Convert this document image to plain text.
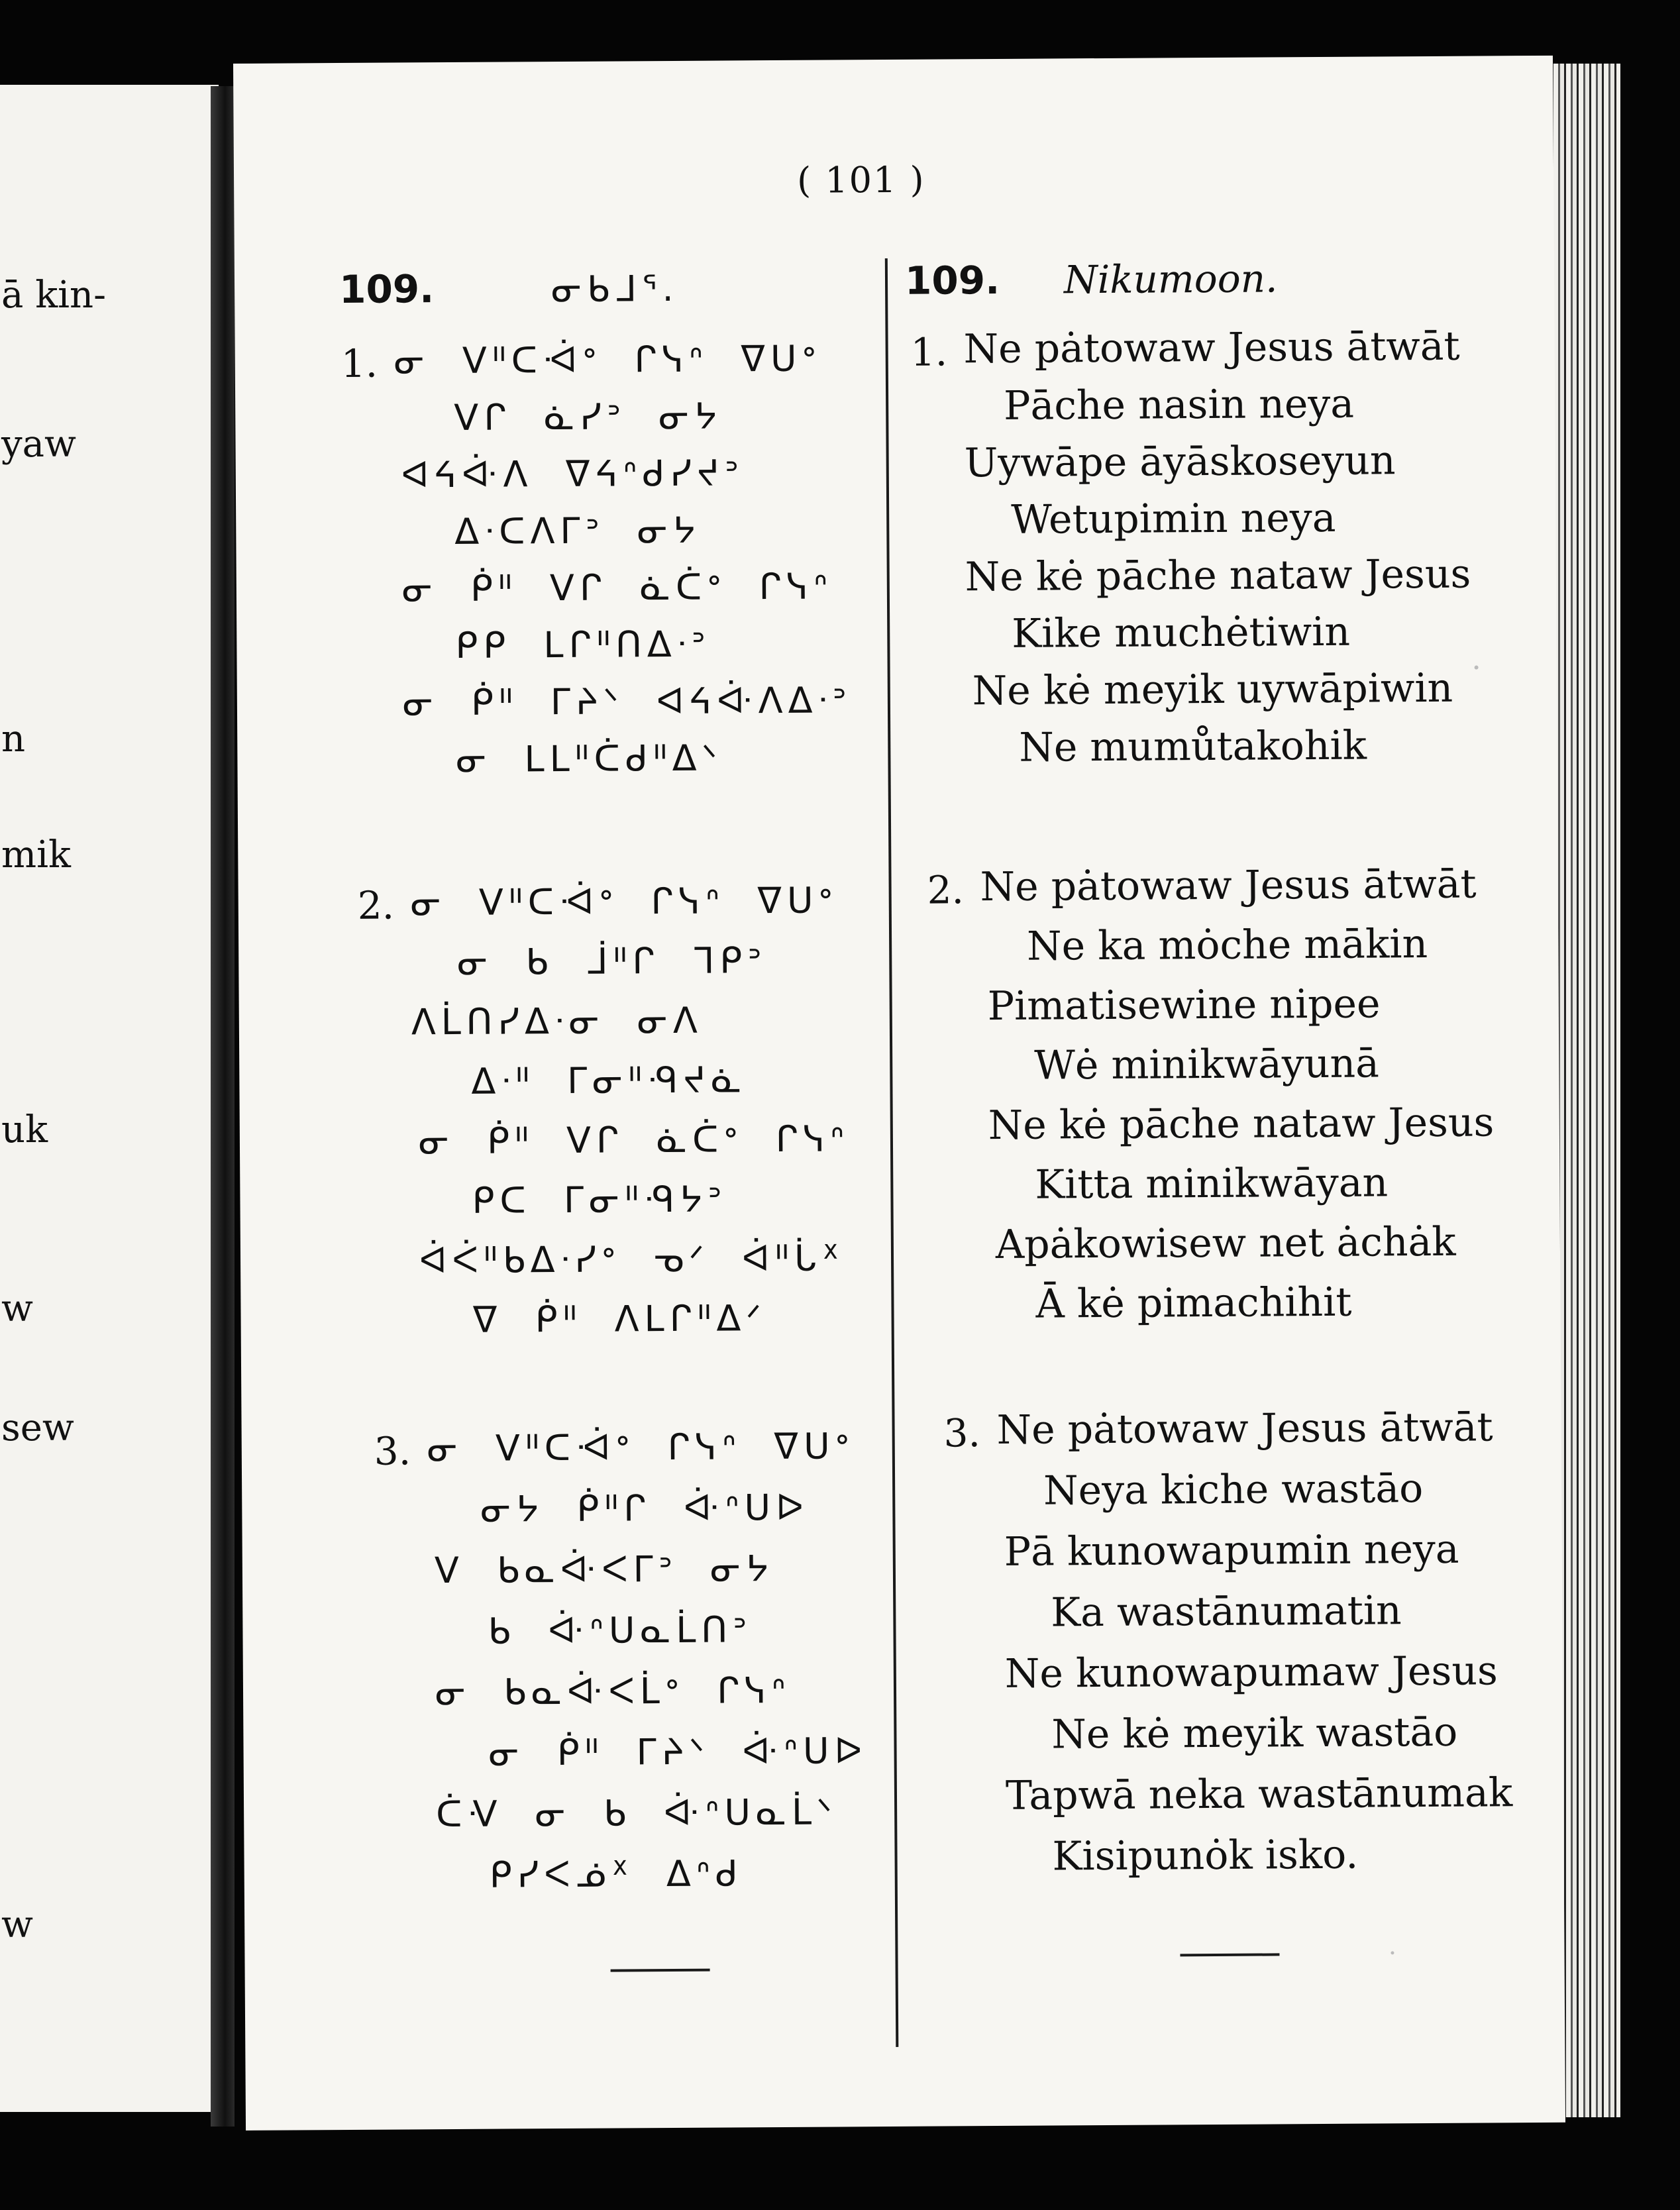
ā kin-
yaw
n
mik
uk
w
sew
w
( 101 )
109.	ᓂᑲᒧᕐ.
1. ᓂ ᐯᐦᑕᐙᐤ ᒋᓭᐢ ᐁᑌᐤ
ᐯᒋ ᓈᓯᐣ ᓂᔭ
ᐊᔦᐚᐱ ᐁᔦᐢᑯᓯᔪᐣ
ᐃᐧᑕᐱᒥᐣ ᓂᔭ
ᓂ ᑮᐦ ᐯᒋ ᓈᑖᐤ ᒋᓭᐢ
ᑭᑭ ᒪᒋᐦᑎᐃᐧᐣ
ᓂ ᑮᐦ ᒥᔨᐠ ᐊᔦᐚᐱᐃᐧᐣ
ᓂ ᒪᒪᐦᑖᑯᐦᐃᐠ
2. ᓂ ᐯᐦᑕᐙᐤ ᒋᓭᐢ ᐁᑌᐤ
ᓂ ᑲ ᒨᐦᒋ ᒣᑭᐣ
ᐱᒫᑎᓯᐃᐧᓂ ᓂᐱ
ᐃᐧᐦ ᒥᓂᐦᑴᔪᓈ
ᓂ ᑮᐦ ᐯᒋ ᓈᑖᐤ ᒋᓭᐢ
ᑭᑕ ᒥᓂᐦᑴᔭᐣ
ᐋᐹᐦᑲᐃᐧᓯᐤ ᓀᐟ ᐋᐦᒑᕽ
ᐁ ᑮᐦ ᐱᒪᒋᐦᐃᐟ
3. ᓂ ᐯᐦᑕᐙᐤ ᒋᓭᐢ ᐁᑌᐤ
ᓂᔭ ᑮᐦᒋ ᐚᐢᑌᐅ
ᐯ ᑲᓇᐚᐸᒥᐣ ᓂᔭ
ᑲ ᐚᐢᑌᓇᒫᑎᐣ
ᓂ ᑲᓇᐚᐸᒫᐤ ᒋᓭᐢ
ᓂ ᑮᐦ ᒥᔨᐠ ᐚᐢᑌᐅ
ᑖᐺ ᓂ ᑲ ᐚᐢᑌᓇᒫᐠ
ᑭᓯᐸᓅᕽ ᐃᐢᑯ
109. Nikumoon.
1. Ne pȧtowaw Jesus ātwāt
Pāche nasin neya
Uywāpe āyāskoseyun
Wetupimin neya
Ne kė pāche nataw Jesus
Kike muchėtiwin
Ne kė meyik uywāpiwin
Ne mumůtakohik
2. Ne pȧtowaw Jesus ātwāt
Ne ka mȯche mākin
Pimatisewine nipee
Wė minikwāyunā
Ne kė pāche nataw Jesus
Kitta minikwāyan
Apȧkowisew net ȧchȧk
Ā kė pimachihit
3. Ne pȧtowaw Jesus ātwāt
Neya kiche wastāo
Pā kunowapumin neya
Ka wastānumatin
Ne kunowapumaw Jesus
Ne kė meyik wastāo
Tapwā neka wastānumak
Kisipunȯk isko.
